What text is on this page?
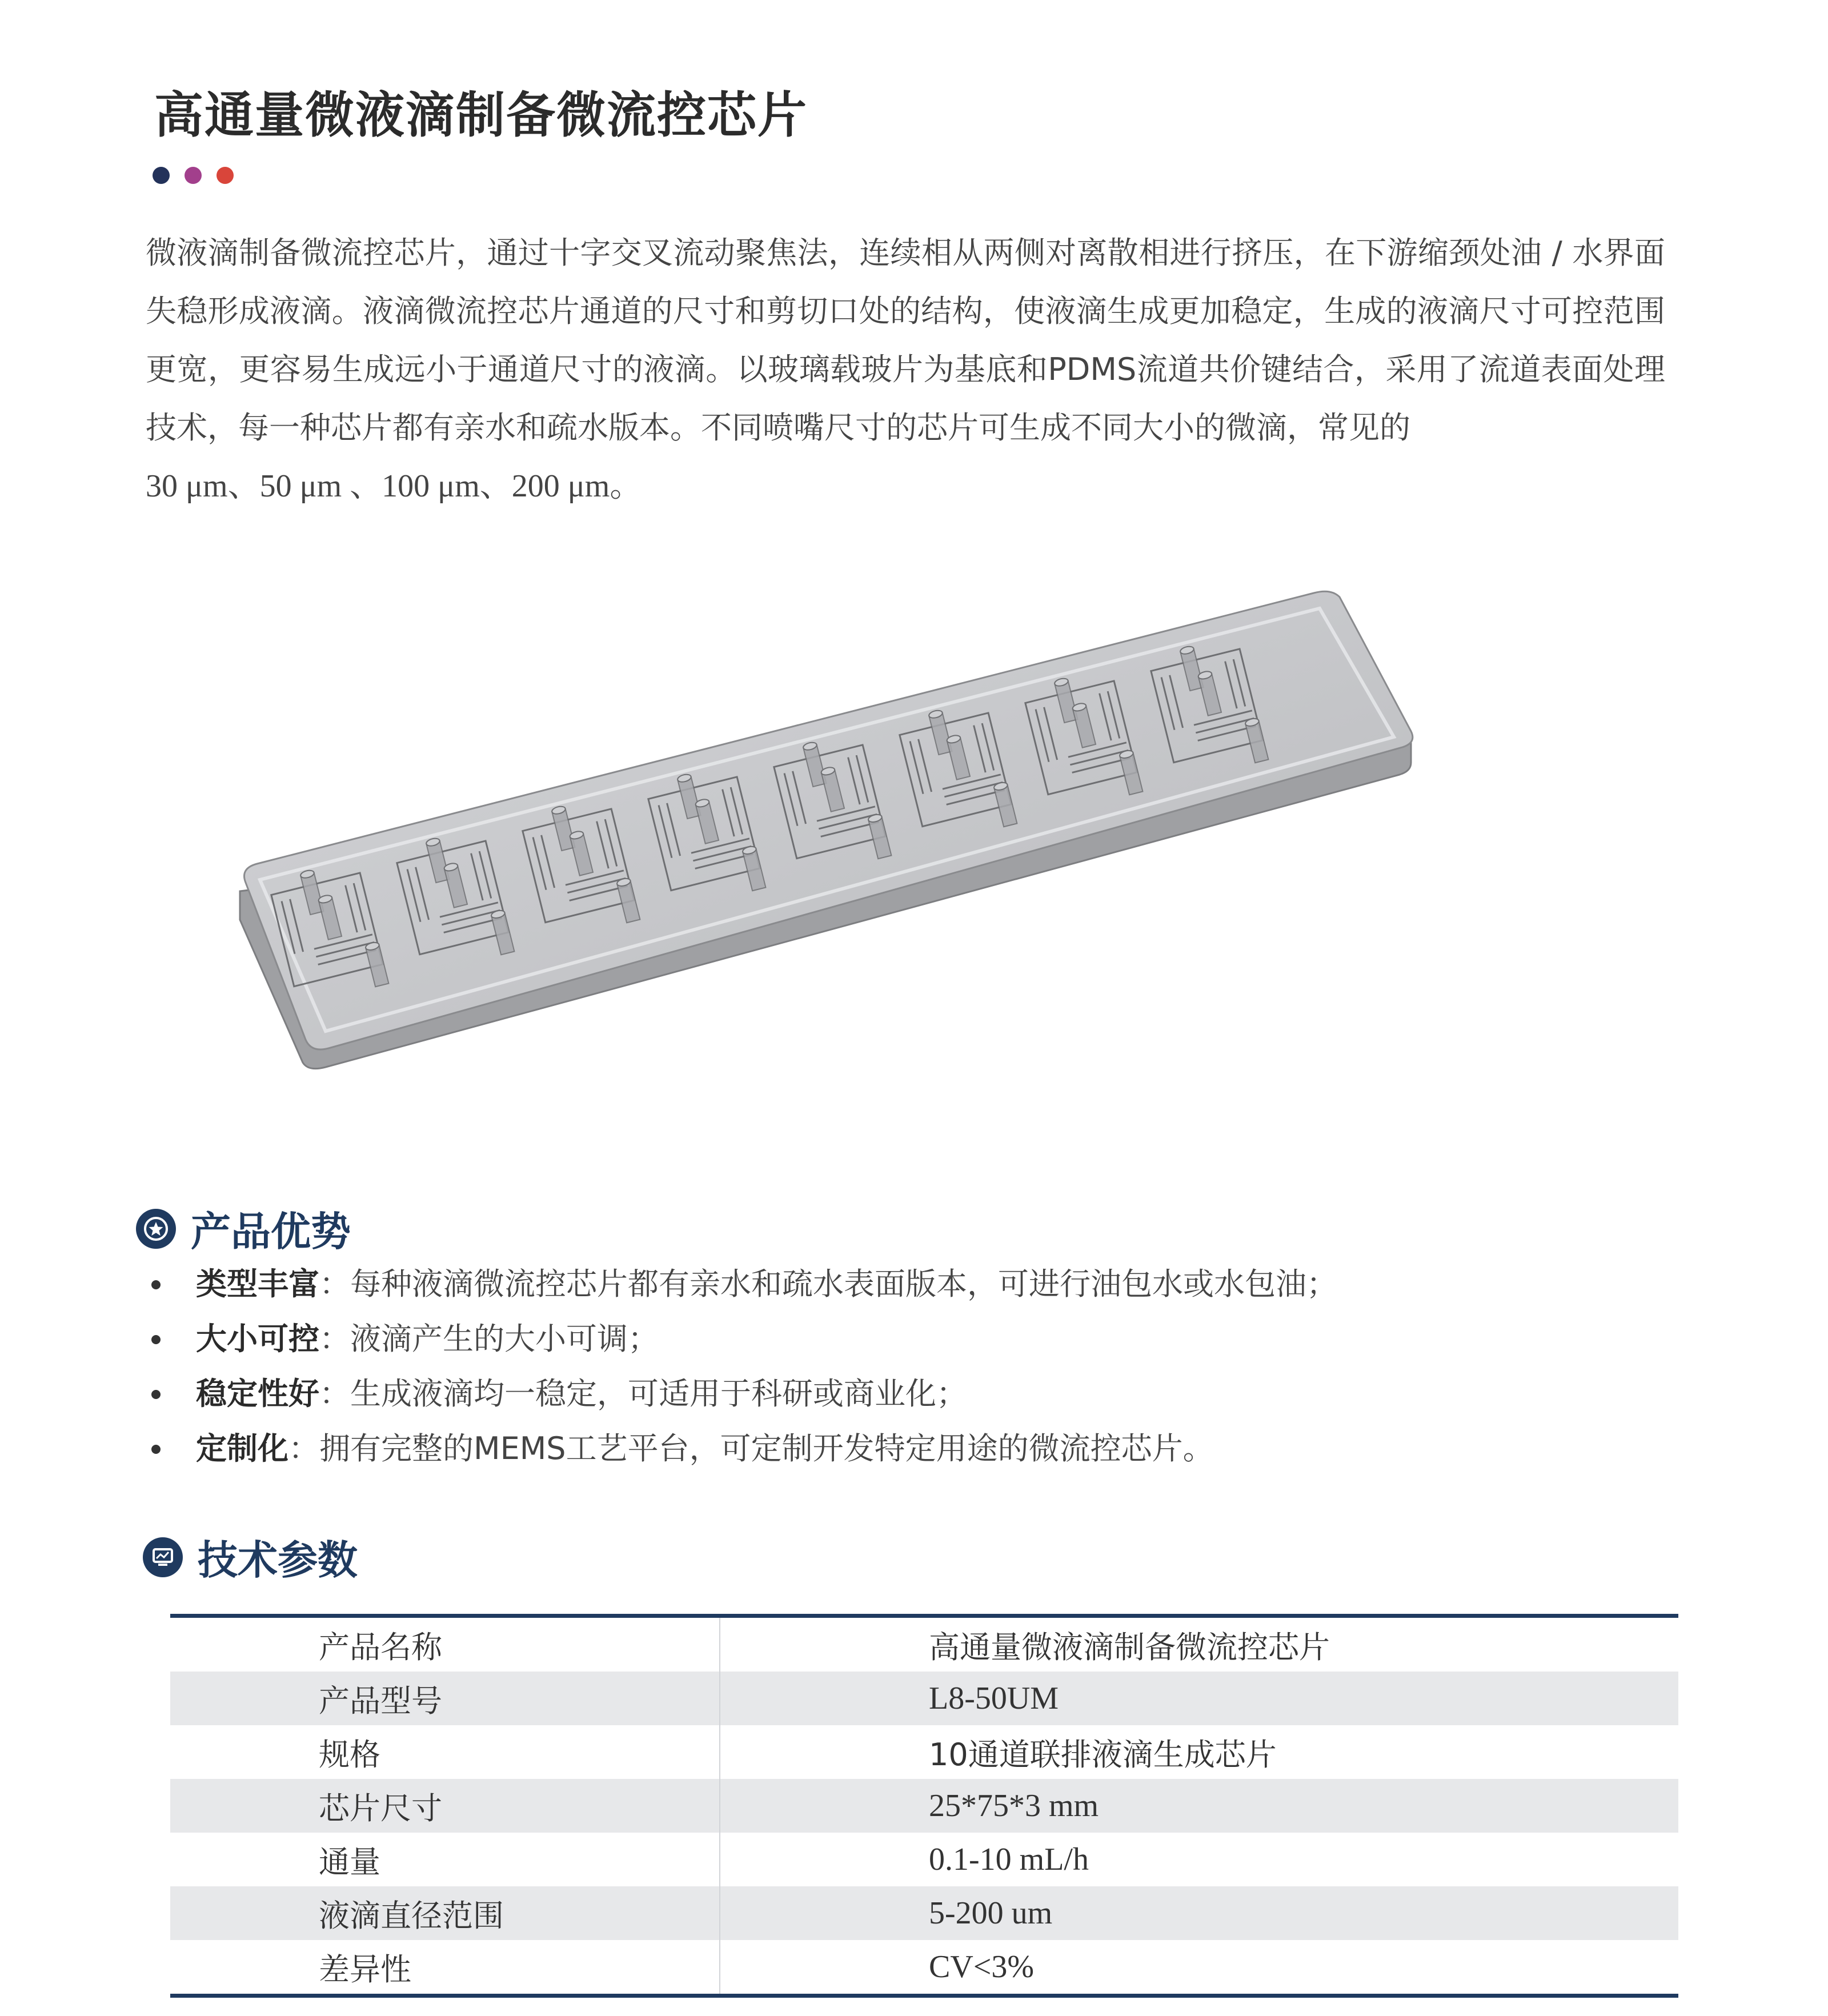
高通量微液滴制备微流控芯片
微液滴制备微流控芯片，通过十字交叉流动聚焦法，连续相从两侧对离散相进行挤压，在下游缩颈处油 / 水界面失稳形成液滴。液滴微流控芯片通道的尺寸和剪切口处的结构，使液滴生成更加稳定，生成的液滴尺寸可控范围更宽，更容易生成远小于通道尺寸的液滴。以玻璃载玻片为基底和PDMS流道共价键结合，采用了流道表面处理技术，每一种芯片都有亲水和疏水版本。不同喷嘴尺寸的芯片可生成不同大小的微滴，常见的
30 μm、50 μm 、100 μm、200 μm。
产品优势
类型丰富：每种液滴微流控芯片都有亲水和疏水表面版本，可进行油包水或水包油；
大小可控：液滴产生的大小可调；
稳定性好：生成液滴均一稳定，可适用于科研或商业化；
定制化：拥有完整的MEMS工艺平台，可定制开发特定用途的微流控芯片。
技术参数
产品名称	高通量微液滴制备微流控芯片
产品型号	L8-50UM
规格	10通道联排液滴生成芯片
芯片尺寸	25*75*3 mm
通量	0.1-10 mL/h
液滴直径范围	5-200 um
差异性	CV<3%
